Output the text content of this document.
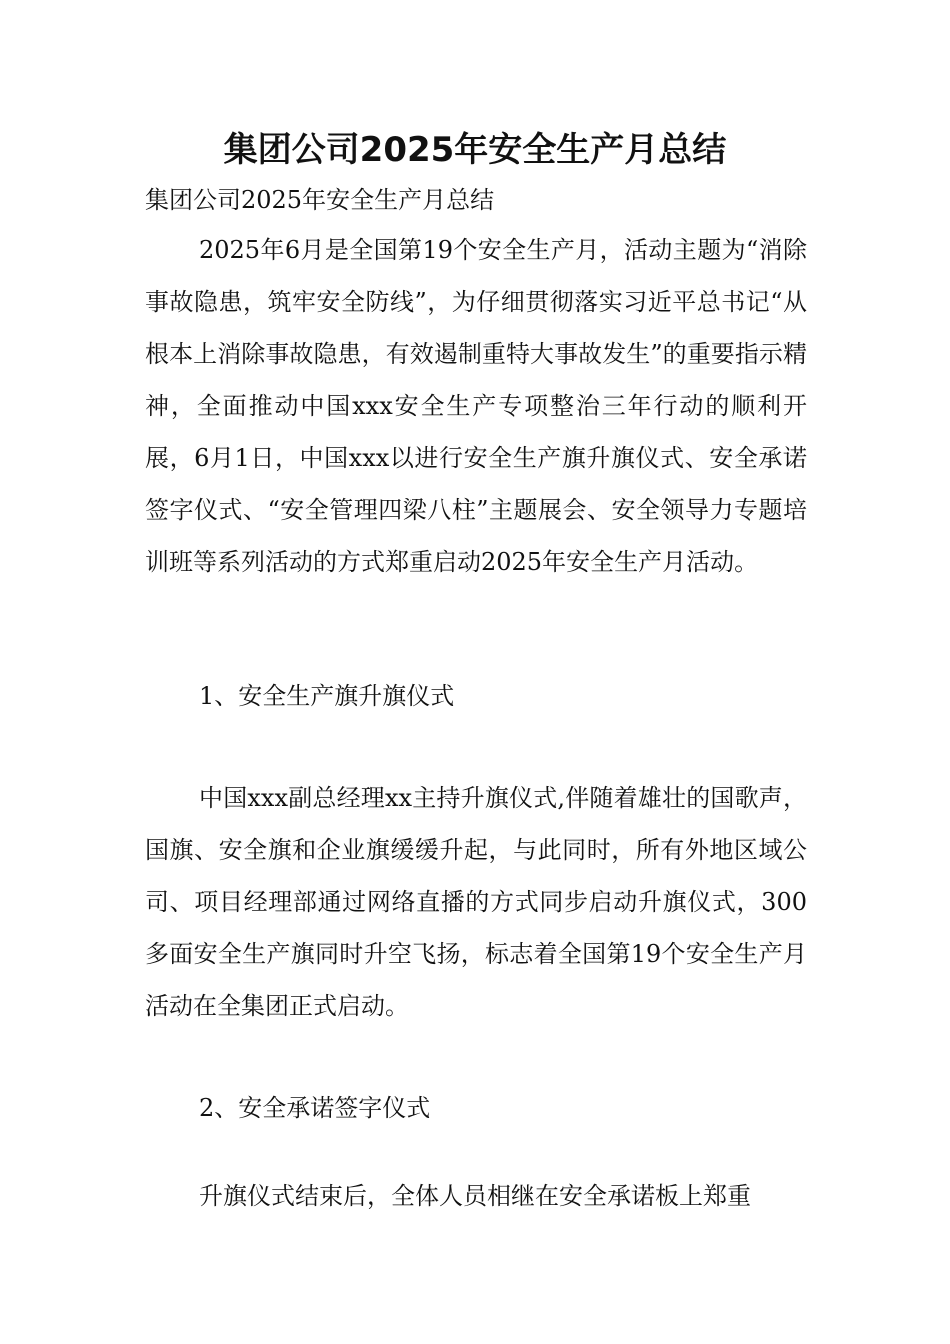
集团公司2025年安全生产月总结

集团公司2025年安全生产月总结

2025年6月是全国第19个安全生产月，活动主题为“消除事故隐患，筑牢安全防线”，为仔细贯彻落实习近平总书记“从根本上消除事故隐患，有效遏制重特大事故发生”的重要指示精神，全面推动中国xxx安全生产专项整治三年行动的顺利开展，6月1日，中国xxx以进行安全生产旗升旗仪式、安全承诺签字仪式、“安全管理四梁八柱”主题展会、安全领导力专题培训班等系列活动的方式郑重启动2025年安全生产月活动。

1、安全生产旗升旗仪式

中国xxx副总经理xx主持升旗仪式,伴随着雄壮的国歌声，国旗、安全旗和企业旗缓缓升起，与此同时，所有外地区域公司、项目经理部通过网络直播的方式同步启动升旗仪式，300多面安全生产旗同时升空飞扬，标志着全国第19个安全生产月活动在全集团正式启动。

2、安全承诺签字仪式

升旗仪式结束后，全体人员相继在安全承诺板上郑重
